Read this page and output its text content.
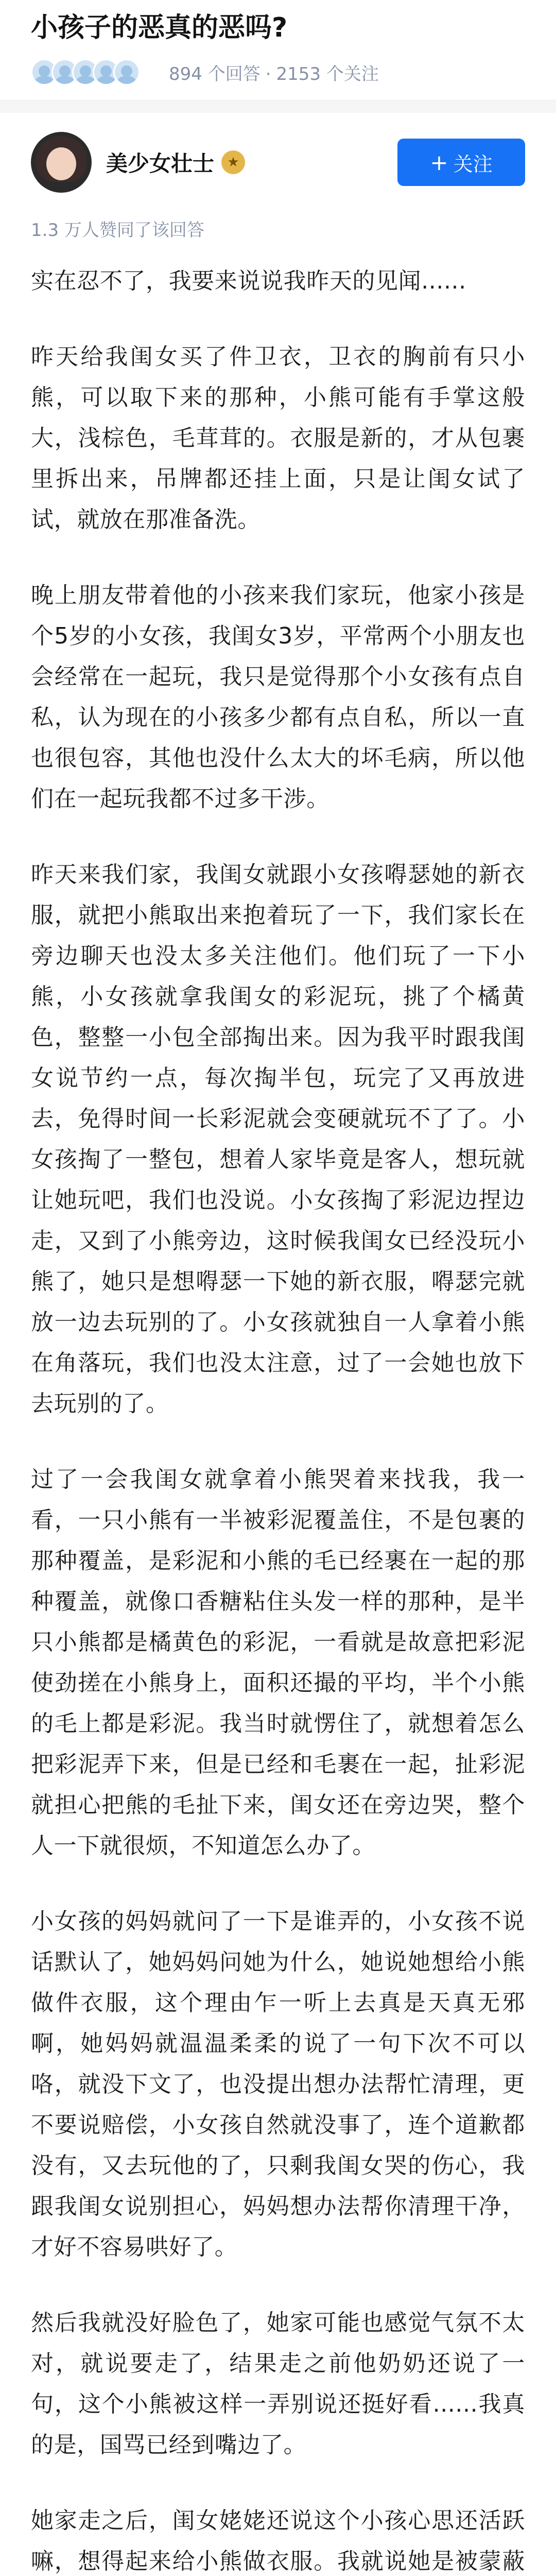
小孩子的恶真的恶吗?
894 个回答 · 2153 个关注
美少女壮士 ★	+ 关注
1.3 万人赞同了该回答

实在忍不了，我要来说说我昨天的见闻......

昨天给我闺女买了件卫衣，卫衣的胸前有只小熊，可以取下来的那种，小熊可能有手掌这般大，浅棕色，毛茸茸的。衣服是新的，才从包裹里拆出来，吊牌都还挂上面，只是让闺女试了试，就放在那准备洗。

晚上朋友带着他的小孩来我们家玩，他家小孩是个5岁的小女孩，我闺女3岁，平常两个小朋友也会经常在一起玩，我只是觉得那个小女孩有点自私，认为现在的小孩多少都有点自私，所以一直也很包容，其他也没什么太大的坏毛病，所以他们在一起玩我都不过多干涉。

昨天来我们家，我闺女就跟小女孩嘚瑟她的新衣服，就把小熊取出来抱着玩了一下，我们家长在旁边聊天也没太多关注他们。他们玩了一下小熊，小女孩就拿我闺女的彩泥玩，挑了个橘黄色，整整一小包全部掏出来。因为我平时跟我闺女说节约一点，每次掏半包，玩完了又再放进去，免得时间一长彩泥就会变硬就玩不了了。小女孩掏了一整包，想着人家毕竟是客人，想玩就让她玩吧，我们也没说。小女孩掏了彩泥边捏边走，又到了小熊旁边，这时候我闺女已经没玩小熊了，她只是想嘚瑟一下她的新衣服，嘚瑟完就放一边去玩别的了。小女孩就独自一人拿着小熊在角落玩，我们也没太注意，过了一会她也放下去玩别的了。

过了一会我闺女就拿着小熊哭着来找我，我一看，一只小熊有一半被彩泥覆盖住，不是包裹的那种覆盖，是彩泥和小熊的毛已经裹在一起的那种覆盖，就像口香糖粘住头发一样的那种，是半只小熊都是橘黄色的彩泥，一看就是故意把彩泥使劲搓在小熊身上，面积还撮的平均，半个小熊的毛上都是彩泥。我当时就愣住了，就想着怎么把彩泥弄下来，但是已经和毛裹在一起，扯彩泥就担心把熊的毛扯下来，闺女还在旁边哭，整个人一下就很烦，不知道怎么办了。

小女孩的妈妈就问了一下是谁弄的，小女孩不说话默认了，她妈妈问她为什么，她说她想给小熊做件衣服，这个理由乍一听上去真是天真无邪啊，她妈妈就温温柔柔的说了一句下次不可以咯，就没下文了，也没提出想办法帮忙清理，更不要说赔偿，小女孩自然就没事了，连个道歉都没有，又去玩他的了，只剩我闺女哭的伤心，我跟我闺女说别担心，妈妈想办法帮你清理干净，才好不容易哄好了。

然后我就没好脸色了，她家可能也感觉气氛不太对，就说要走了，结果走之前他奶奶还说了一句，这个小熊被这样一弄别说还挺好看......我真的是，国骂已经到嘴边了。

她家走之后，闺女姥姥还说这个小孩心思还活跃嘛，想得起来给小熊做衣服。我就说她是被蒙蔽
